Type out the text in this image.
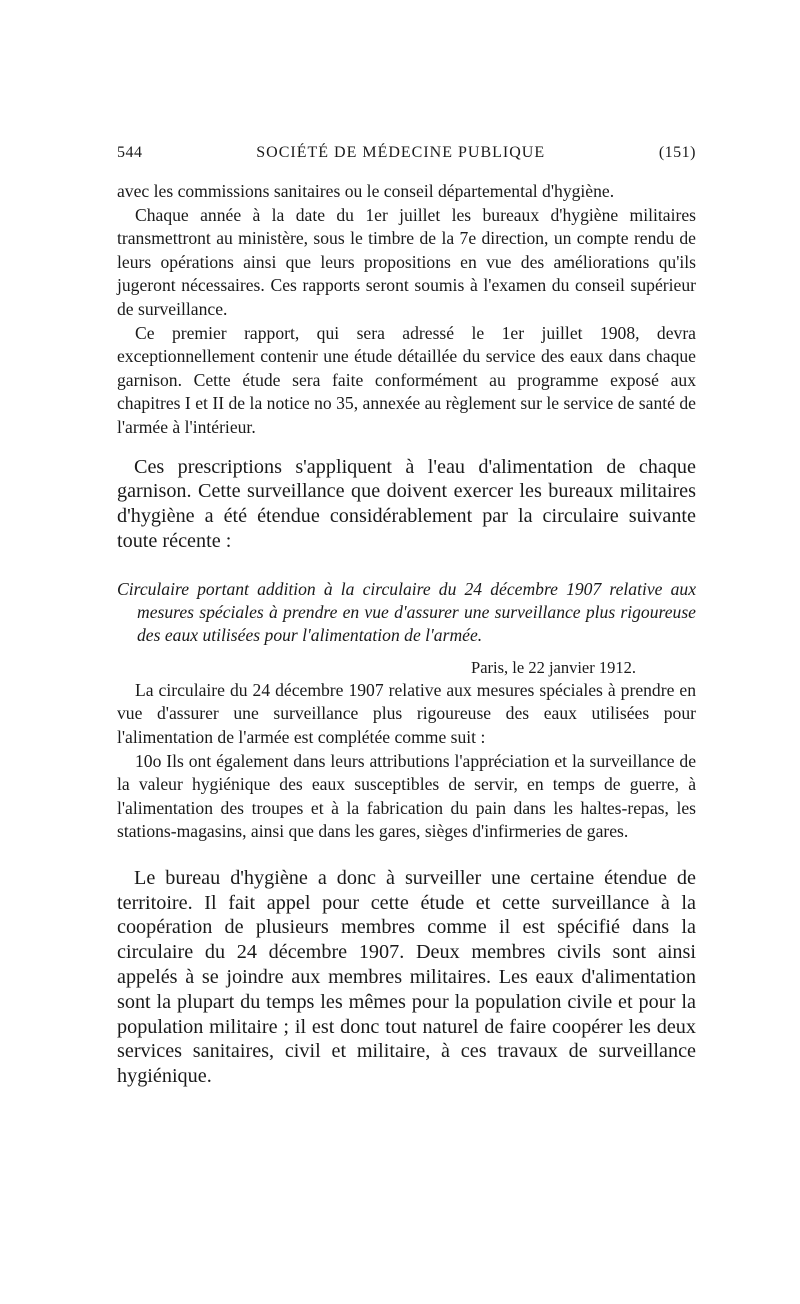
544	SOCIÉTÉ DE MÉDECINE PUBLIQUE	(151)

avec les commissions sanitaires ou le conseil départemental d'hygiène.

Chaque année à la date du 1er juillet les bureaux d'hygiène militaires transmettront au ministère, sous le timbre de la 7e direction, un compte rendu de leurs opérations ainsi que leurs propositions en vue des améliorations qu'ils jugeront nécessaires. Ces rapports seront soumis à l'examen du conseil supérieur de surveillance.

Ce premier rapport, qui sera adressé le 1er juillet 1908, devra exceptionnellement contenir une étude détaillée du service des eaux dans chaque garnison. Cette étude sera faite conformément au programme exposé aux chapitres I et II de la notice no 35, annexée au règlement sur le service de santé de l'armée à l'intérieur.

Ces prescriptions s'appliquent à l'eau d'alimentation de chaque garnison. Cette surveillance que doivent exercer les bureaux militaires d'hygiène a été étendue considérablement par la circulaire suivante toute récente :

Circulaire portant addition à la circulaire du 24 décembre 1907 relative aux mesures spéciales à prendre en vue d'assurer une surveillance plus rigoureuse des eaux utilisées pour l'alimentation de l'armée.

Paris, le 22 janvier 1912.

La circulaire du 24 décembre 1907 relative aux mesures spéciales à prendre en vue d'assurer une surveillance plus rigoureuse des eaux utilisées pour l'alimentation de l'armée est complétée comme suit :

10o Ils ont également dans leurs attributions l'appréciation et la surveillance de la valeur hygiénique des eaux susceptibles de servir, en temps de guerre, à l'alimentation des troupes et à la fabrication du pain dans les haltes-repas, les stations-magasins, ainsi que dans les gares, sièges d'infirmeries de gares.

Le bureau d'hygiène a donc à surveiller une certaine étendue de territoire. Il fait appel pour cette étude et cette surveillance à la coopération de plusieurs membres comme il est spécifié dans la circulaire du 24 décembre 1907. Deux membres civils sont ainsi appelés à se joindre aux membres militaires. Les eaux d'alimentation sont la plupart du temps les mêmes pour la population civile et pour la population militaire ; il est donc tout naturel de faire coopérer les deux services sanitaires, civil et militaire, à ces travaux de surveillance hygiénique.
